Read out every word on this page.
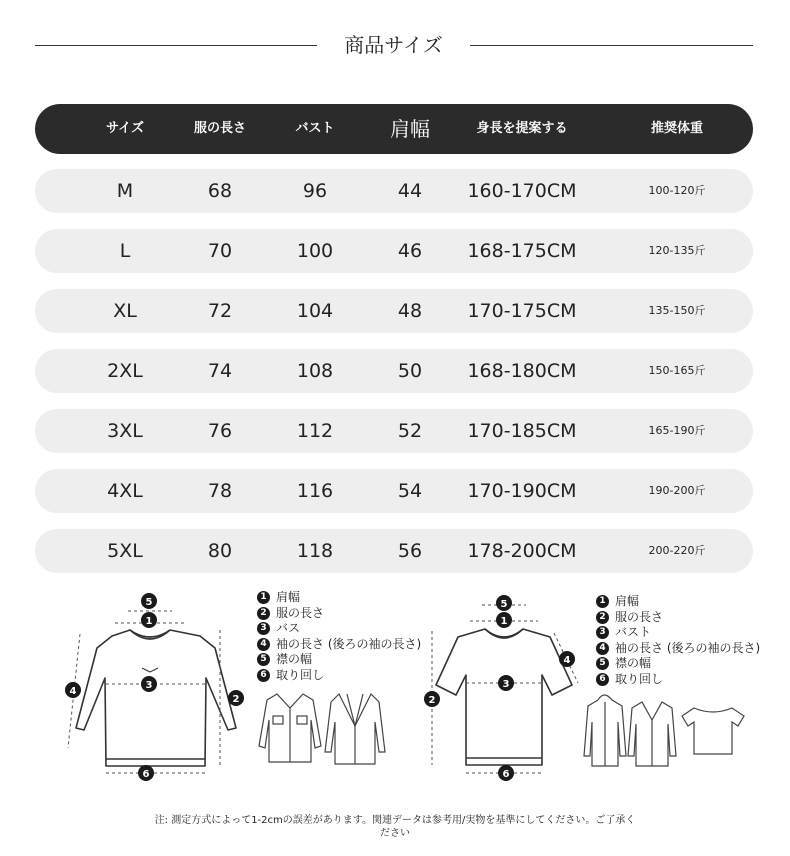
商品サイズ
サイズ	服の長さ	バスト	肩幅	身長を提案する	推奨体重
M	68	96	44	160-170CM	100-120斤
L	70	100	46	168-175CM	120-135斤
XL	72	104	48	170-175CM	135-150斤
2XL	74	108	50	168-180CM	150-165斤
3XL	76	112	52	170-185CM	165-190斤
4XL	78	116	54	170-190CM	190-200斤
5XL	80	118	56	178-200CM	200-220斤
5
1
3
2
4
6
1 肩幅
2 服の長さ
3 バス
4 袖の長さ (後ろの袖の長さ)
5 襟の幅
6 取り回し
5
1
3
4
2
6
1 肩幅
2 服の長さ
3 バスト
4 袖の長さ (後ろの袖の長さ)
5 襟の幅
6 取り回し
注: 測定方式によって1-2cmの誤差があります。関連データは参考用/実物を基準にしてください。ご了承く
ださい
